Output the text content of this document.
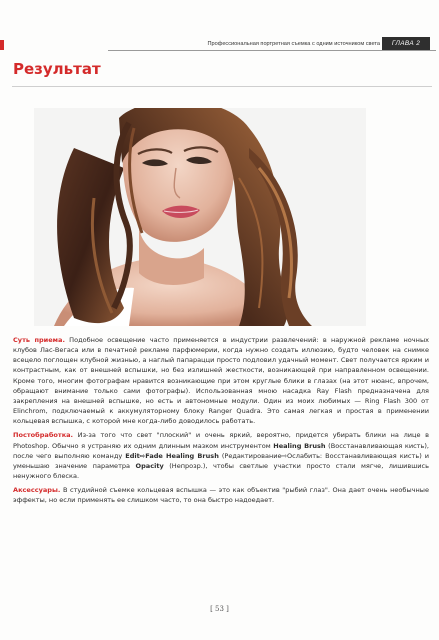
Профессиональная портретная съемка с одним источником света	ГЛАВА 2
Результат

Суть приема. Подобное освещение часто применяется в индустрии развлечений: в наружной рекламе ночных клубов Лас-Вегаса или в печатной рекламе парфюмерии, когда нужно создать иллюзию, будто человек на снимке всецело поглощен клубной жизнью, а наглый папарацци просто подловил удачный момент. Свет получается ярким и контрастным, как от внешней вспышки, но без излишней жесткости, возникающей при направленном освещении. Кроме того, многим фотографам нравится возникающие при этом круглые блики в глазах (на этот нюанс, впрочем, обращают внимание только сами фотографы). Использованная мною насадка Ray Flash предназначена для закрепления на внешней вспышке, но есть и автономные модули. Один из моих любимых — Ring Flash 300 от Elinchrom, подключаемый к аккумуляторному блоку Ranger Quadra. Это самая легкая и простая в применении кольцевая вспышка, с которой мне когда-либо доводилось работать.

Постобработка. Из-за того что свет "плоский" и очень яркий, вероятно, придется убирать блики на лице в Photoshop. Обычно я устраняю их одним длинным мазком инструментом Healing Brush (Восстанавливающая кисть), после чего выполняю команду Edit⇨Fade Healing Brush (Редактирование⇨Ослабить: Восстанавливающая кисть) и уменьшаю значение параметра Opacity (Непрозр.), чтобы светлые участки просто стали мягче, лишившись ненужного блеска.

Аксессуары. В студийной съемке кольцевая вспышка — это как объектив "рыбий глаз". Она дает очень необычные эффекты, но если применять ее слишком часто, то она быстро надоедает.

[ 53 ]
